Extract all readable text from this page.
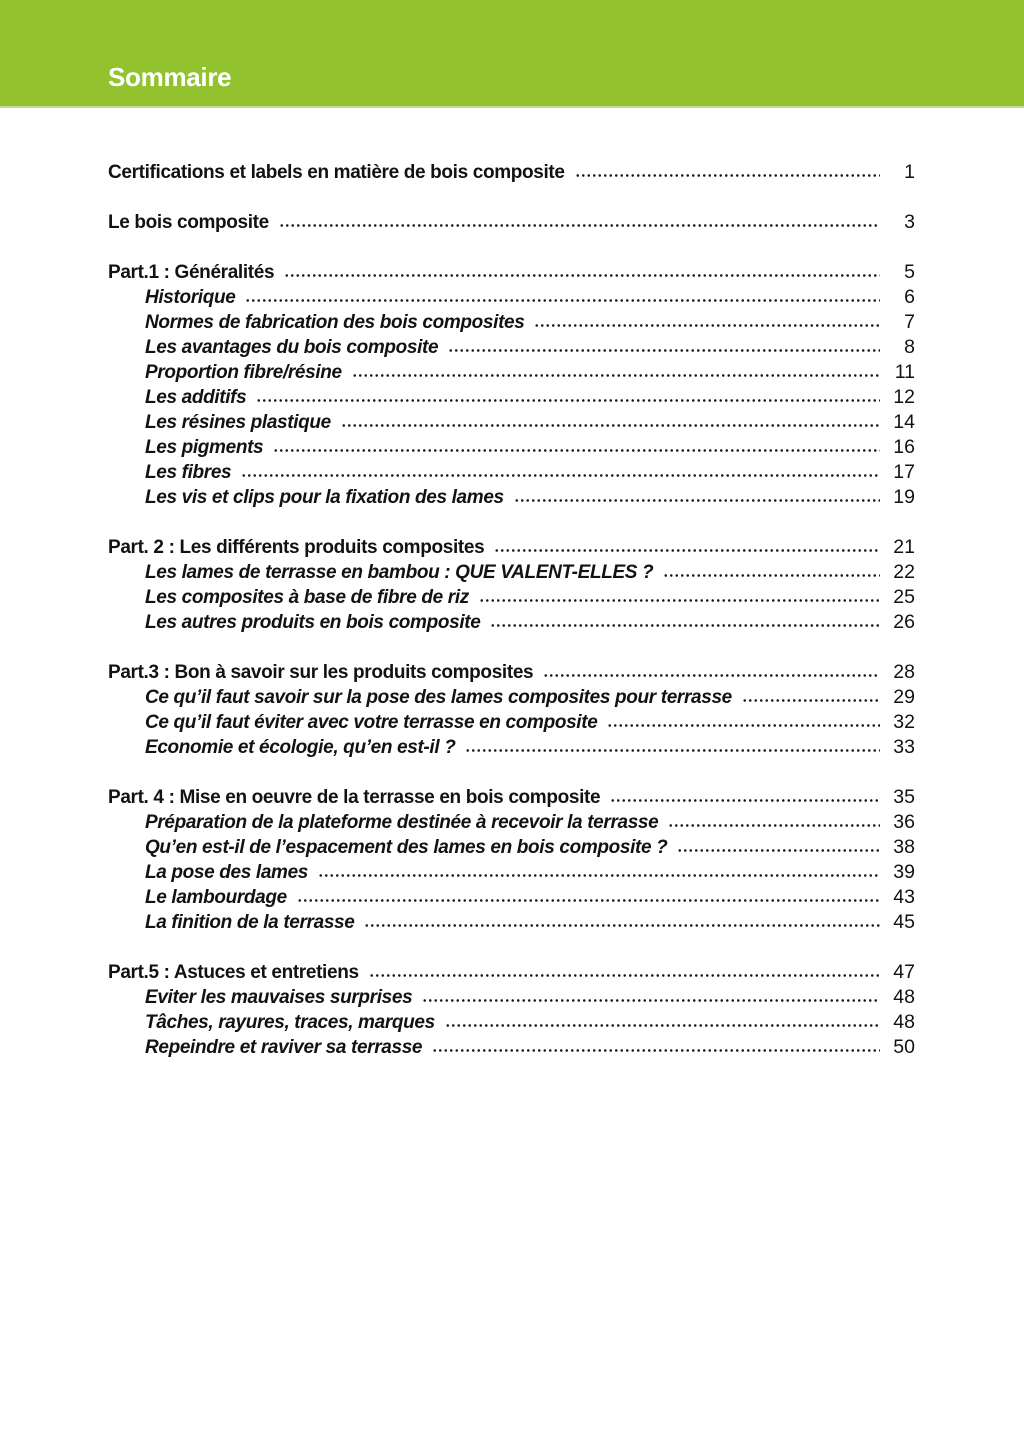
Sommaire
Certifications et labels en matière de bois composite	1
Le bois composite	3
Part.1 : Généralités	5
Historique	6
Normes de fabrication des bois composites	7
Les avantages du bois composite	8
Proportion fibre/résine	11
Les additifs	12
Les résines plastique	14
Les pigments	16
Les fibres	17
Les vis et clips pour la fixation des lames	19
Part. 2 : Les différents produits composites	21
Les lames de terrasse en bambou : QUE VALENT-ELLES ?	22
Les composites à base de fibre de riz	25
Les autres produits en bois composite	26
Part.3 : Bon à savoir sur les produits composites	28
Ce qu’il faut savoir sur la pose des lames composites pour terrasse	29
Ce qu’il faut éviter avec votre terrasse en composite	32
Economie et écologie, qu’en est-il ?	33
Part. 4 : Mise en oeuvre de la terrasse en bois composite	35
Préparation de la plateforme destinée à recevoir la terrasse	36
Qu’en est-il de l’espacement des lames en bois composite ?	38
La pose des lames	39
Le lambourdage	43
La finition de la terrasse	45
Part.5 : Astuces et entretiens	47
Eviter les mauvaises surprises	48
Tâches, rayures, traces, marques	48
Repeindre et raviver sa terrasse	50
